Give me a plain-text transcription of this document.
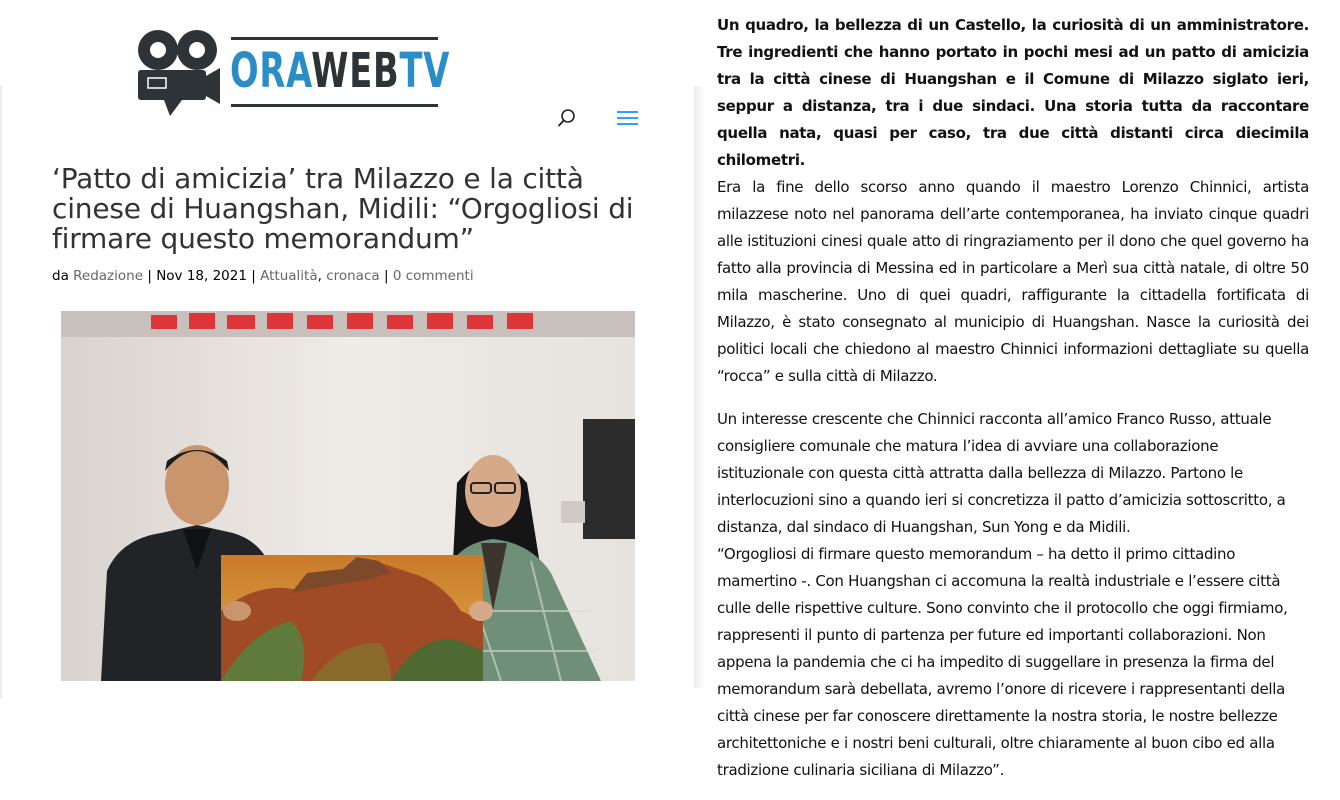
ORAWEBTV
‘Patto di amicizia’ tra Milazzo e la città cinese di Huangshan, Midili: “Orgogliosi di firmare questo memorandum”
da Redazione | Nov 18, 2021 | Attualità, cronaca | 0 commenti

Un quadro, la bellezza di un Castello, la curiosità di un amministratore. Tre ingredienti che hanno portato in pochi mesi ad un patto di amicizia tra la città cinese di Huangshan e il Comune di Milazzo siglato ieri, seppur a distanza, tra i due sindaci. Una storia tutta da raccontare quella nata, quasi per caso, tra due città distanti circa diecimila chilometri.

Era la fine dello scorso anno quando il maestro Lorenzo Chinnici, artista milazzese noto nel panorama dell’arte contemporanea, ha inviato cinque quadri alle istituzioni cinesi quale atto di ringraziamento per il dono che quel governo ha fatto alla provincia di Messina ed in particolare a Merì sua città natale, di oltre 50 mila mascherine. Uno di quei quadri, raffigurante la cittadella fortificata di Milazzo, è stato consegnato al municipio di Huangshan. Nasce la curiosità dei politici locali che chiedono al maestro Chinnici informazioni dettagliate su quella “rocca” e sulla città di Milazzo.

Un interesse crescente che Chinnici racconta all’amico Franco Russo, attuale consigliere comunale che matura l’idea di avviare una collaborazione istituzionale con questa città attratta dalla bellezza di Milazzo. Partono le interlocuzioni sino a quando ieri si concretizza il patto d’amicizia sottoscritto, a distanza, dal sindaco di Huangshan, Sun Yong e da Midili.

“Orgogliosi di firmare questo memorandum – ha detto il primo cittadino mamertino -. Con Huangshan ci accomuna la realtà industriale e l’essere città culle delle rispettive culture. Sono convinto che il protocollo che oggi firmiamo, rappresenti il punto di partenza per future ed importanti collaborazioni. Non appena la pandemia che ci ha impedito di suggellare in presenza la firma del memorandum sarà debellata, avremo l’onore di ricevere i rappresentanti della città cinese per far conoscere direttamente la nostra storia, le nostre bellezze architettoniche e i nostri beni culturali, oltre chiaramente al buon cibo ed alla tradizione culinaria siciliana di Milazzo”.
